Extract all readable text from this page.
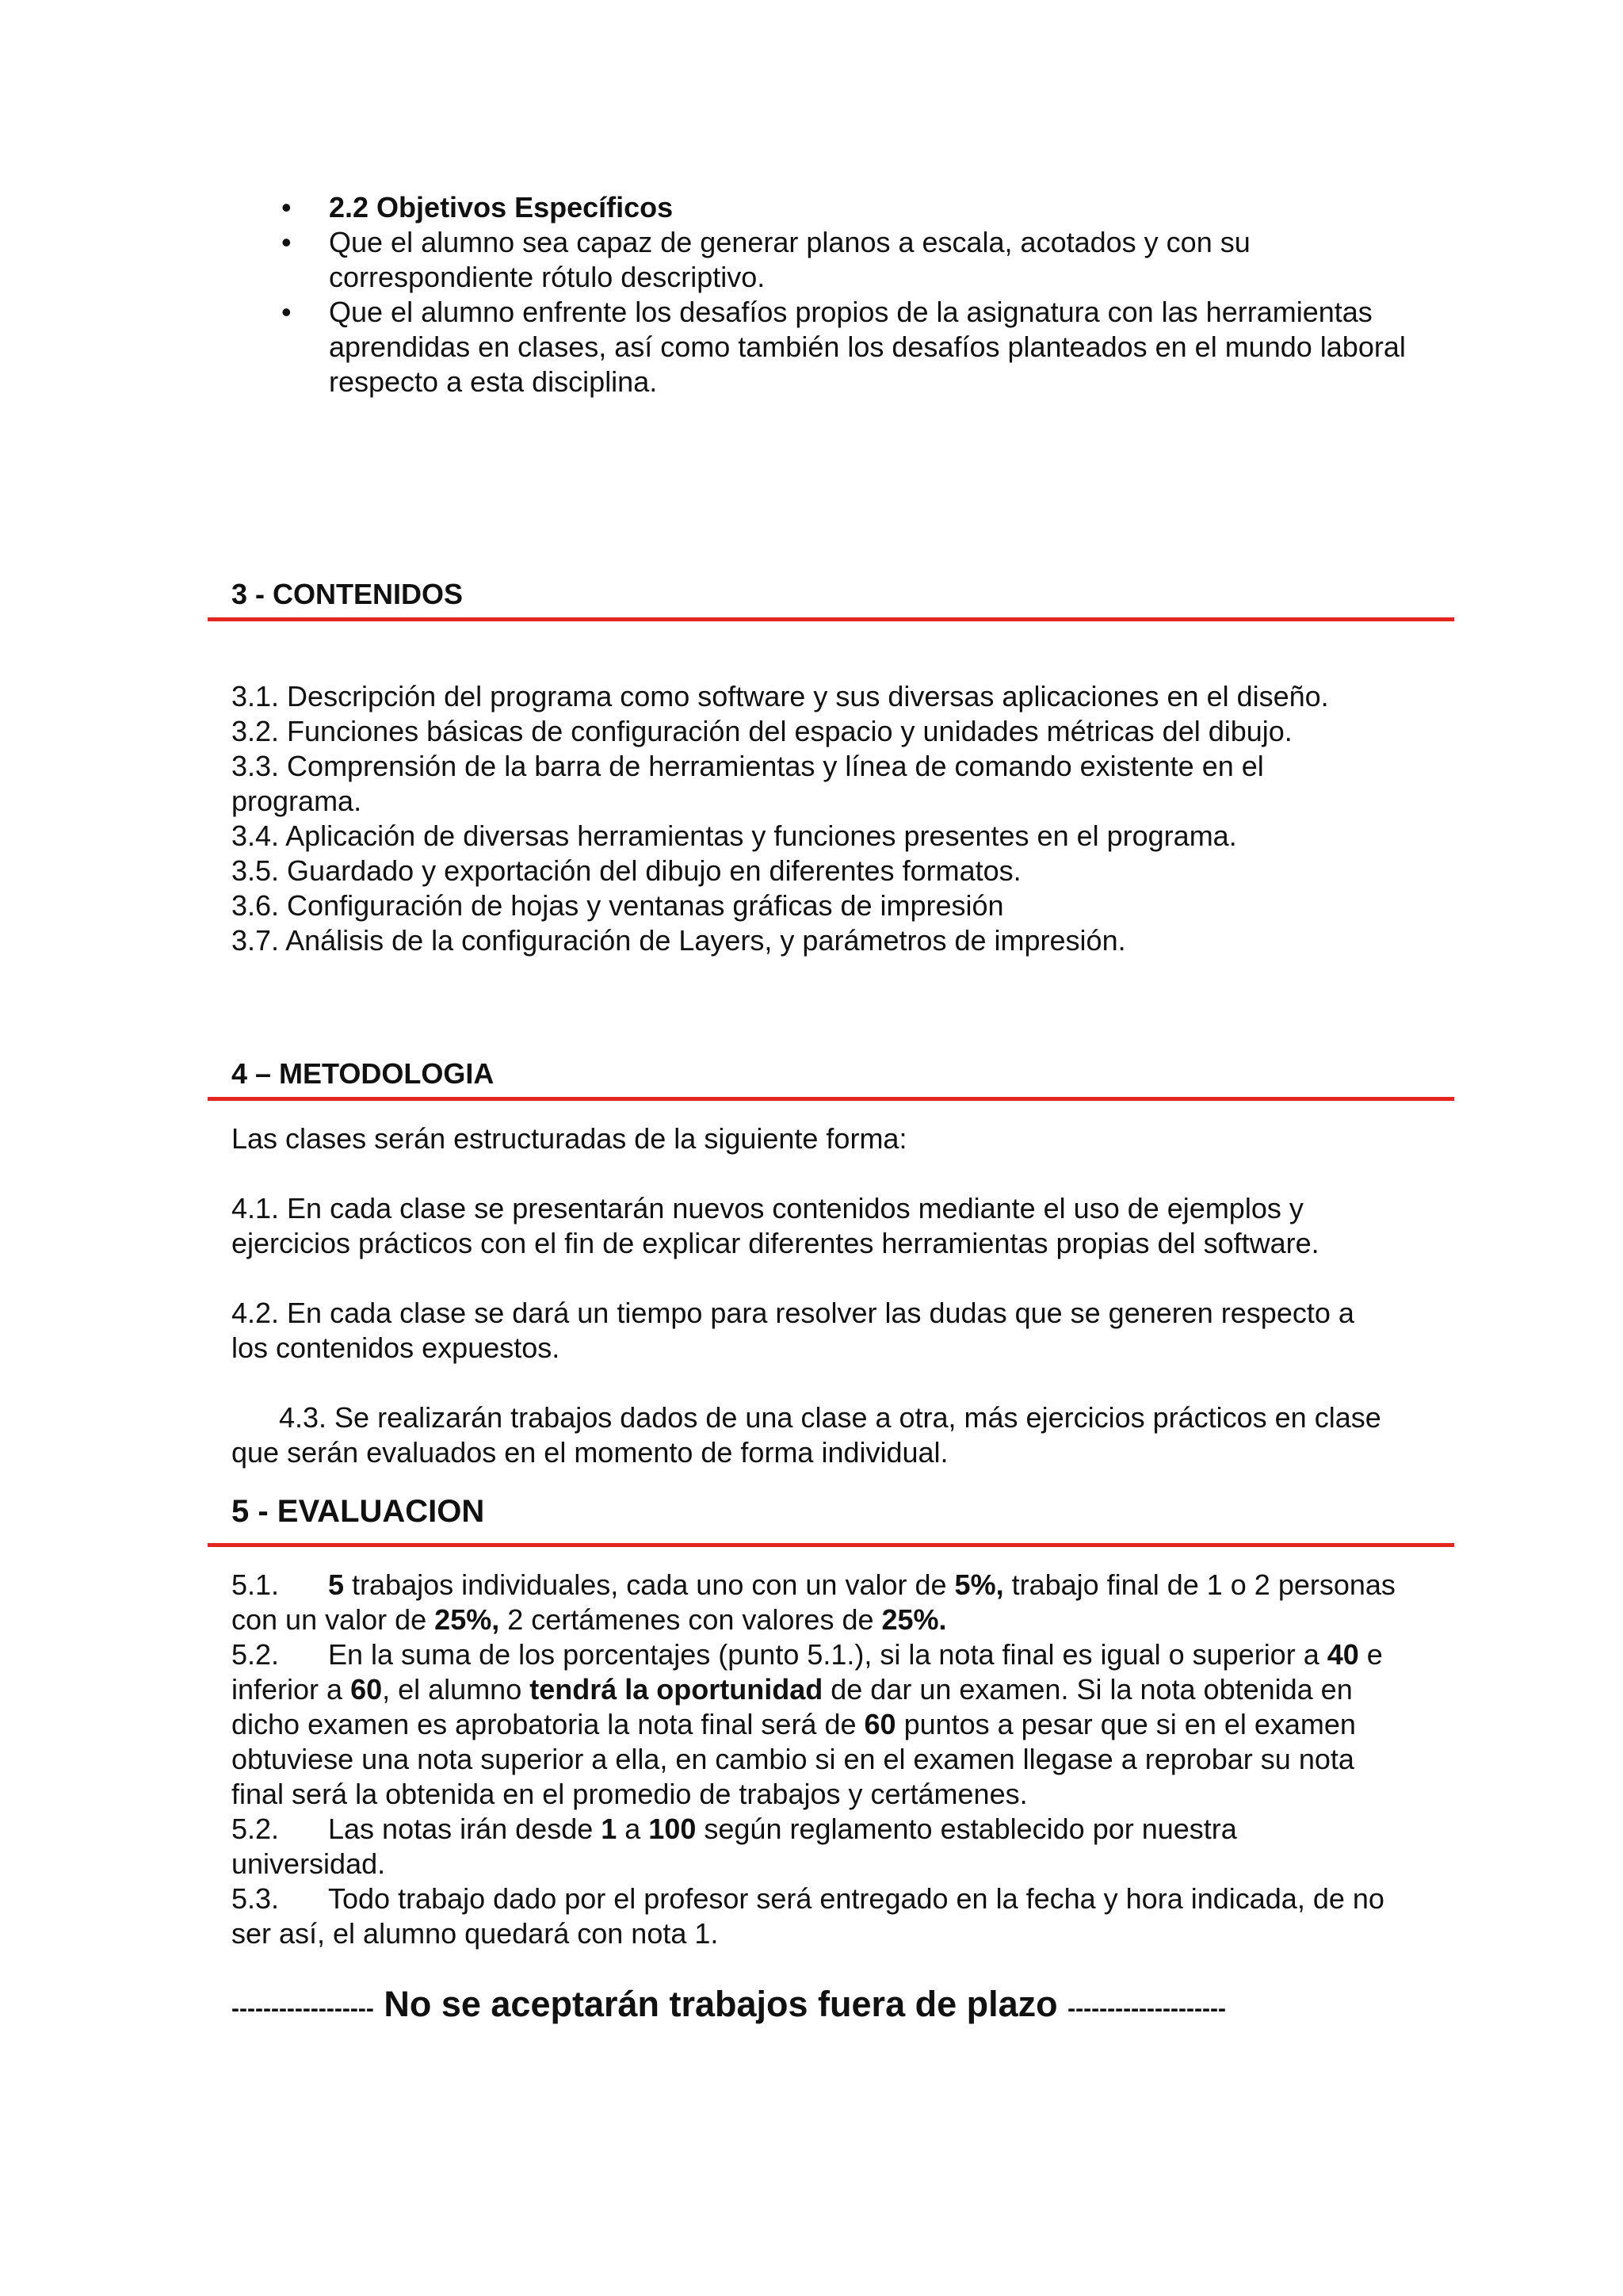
• 2.2 Objetivos Específicos
• Que el alumno sea capaz de generar planos a escala, acotados y con su correspondiente rótulo descriptivo.
• Que el alumno enfrente los desafíos propios de la asignatura con las herramientas aprendidas en clases, así como también los desafíos planteados en el mundo laboral respecto a esta disciplina.
3 - CONTENIDOS

3.1. Descripción del programa como software y sus diversas aplicaciones en el diseño.

3.2. Funciones básicas de configuración del espacio y unidades métricas del dibujo.

3.3. Comprensión de la barra de herramientas y línea de comando existente en el programa.

3.4. Aplicación de diversas herramientas y funciones presentes en el programa.

3.5. Guardado y exportación del dibujo en diferentes formatos.

3.6. Configuración de hojas y ventanas gráficas de impresión

3.7. Análisis de la configuración de Layers, y parámetros de impresión.

4 – METODOLOGIA

Las clases serán estructuradas de la siguiente forma:

4.1. En cada clase se presentarán nuevos contenidos mediante el uso de ejemplos y ejercicios prácticos con el fin de explicar diferentes herramientas propias del software.

4.2. En cada clase se dará un tiempo para resolver las dudas que se generen respecto a los contenidos expuestos.

4.3. Se realizarán trabajos dados de una clase a otra, más ejercicios prácticos en clase que serán evaluados en el momento de forma individual.

5 - EVALUACION

5.1. 5 trabajos individuales, cada uno con un valor de 5%, trabajo final de 1 o 2 personas con un valor de 25%, 2 certámenes con valores de 25%.

5.2. En la suma de los porcentajes (punto 5.1.), si la nota final es igual o superior a 40 e inferior a 60, el alumno tendrá la oportunidad de dar un examen. Si la nota obtenida en dicho examen es aprobatoria la nota final será de 60 puntos a pesar que si en el examen obtuviese una nota superior a ella, en cambio si en el examen llegase a reprobar su nota final será la obtenida en el promedio de trabajos y certámenes.

5.2. Las notas irán desde 1 a 100 según reglamento establecido por nuestra universidad.

5.3. Todo trabajo dado por el profesor será entregado en la fecha y hora indicada, de no ser así, el alumno quedará con nota 1.

------------------ No se aceptarán trabajos fuera de plazo --------------------
